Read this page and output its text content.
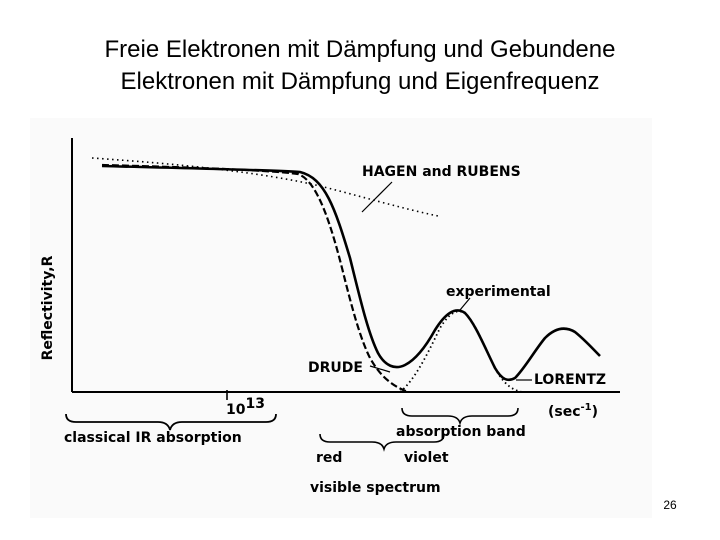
Freie Elektronen mit Dämpfung und Gebundene
Elektronen mit Dämpfung und Eigenfrequenz
Reflectivity,R
HAGEN and RUBENS
experimental
DRUDE
LORENTZ
1013	$(\sec^{-1})$
classical IR absorption	absorption band
red	violet
visible spectrum
26
